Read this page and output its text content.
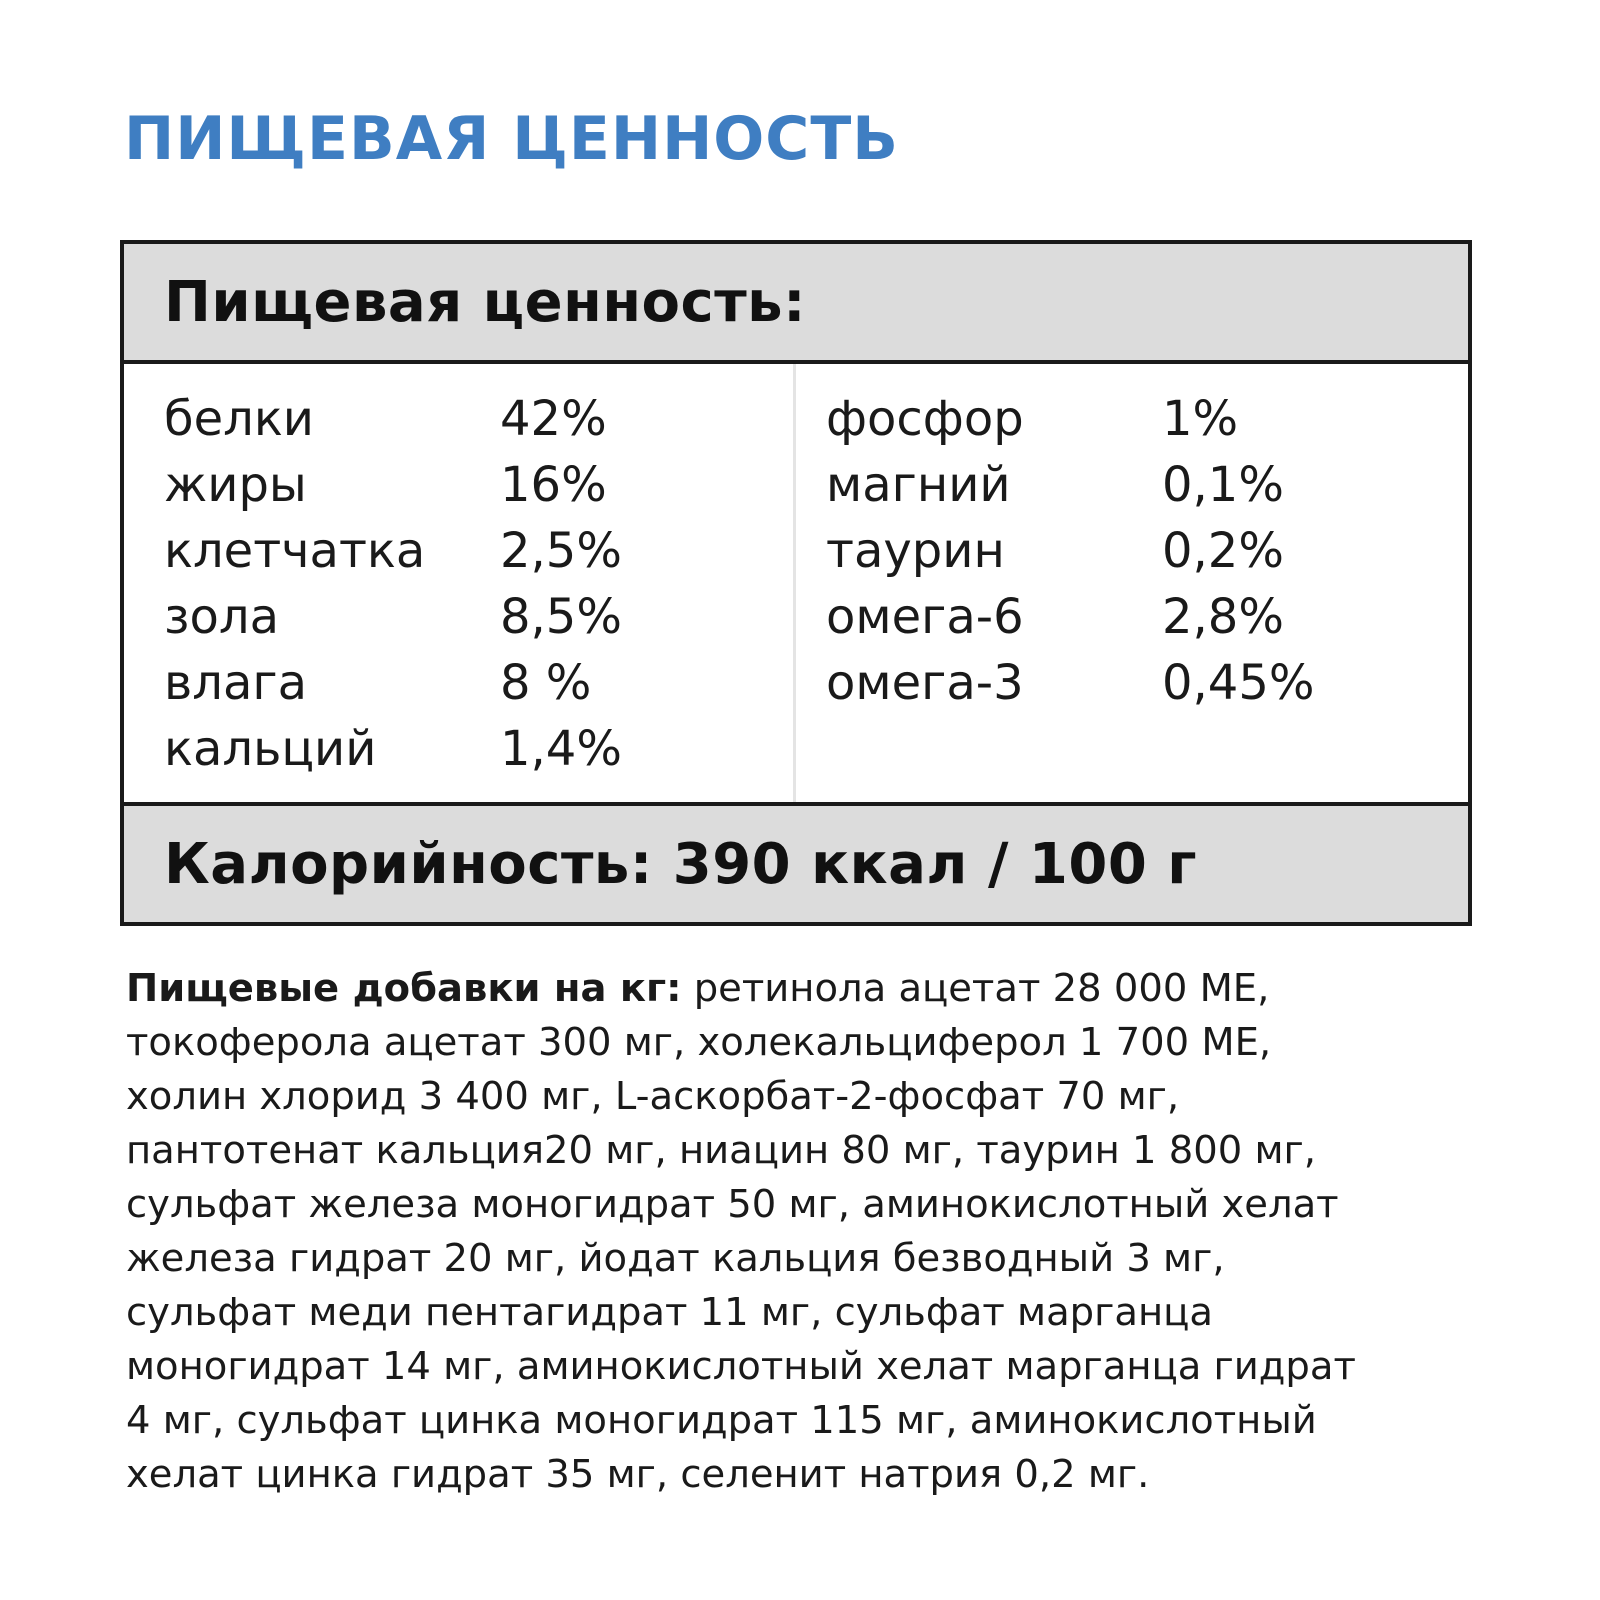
ПИЩЕВАЯ ЦЕННОСТЬ
Пищевая ценность:
белки	42%
жиры	16%
клетчатка	2,5%
зола	8,5%
влага	8 %
кальций	1,4%
фосфор	1%
магний	0,1%
таурин	0,2%
омега-6	2,8%
омега-3	0,45%
Калорийность: 390 ккал / 100 г
Пищевые добавки на кг: ретинола ацетат 28 000 МЕ,
токоферола ацетат 300 мг, холекальциферол 1 700 МЕ,
холин хлорид 3 400 мг, L-аскорбат-2-фосфат 70 мг,
пантотенат кальция20 мг, ниацин 80 мг, таурин 1 800 мг,
сульфат железа моногидрат 50 мг, аминокислотный хелат
железа гидрат 20 мг, йодат кальция безводный 3 мг,
сульфат меди пентагидрат 11 мг, сульфат марганца
моногидрат 14 мг, аминокислотный хелат марганца гидрат
4 мг, сульфат цинка моногидрат 115 мг, аминокислотный
хелат цинка гидрат 35 мг, селенит натрия 0,2 мг.
